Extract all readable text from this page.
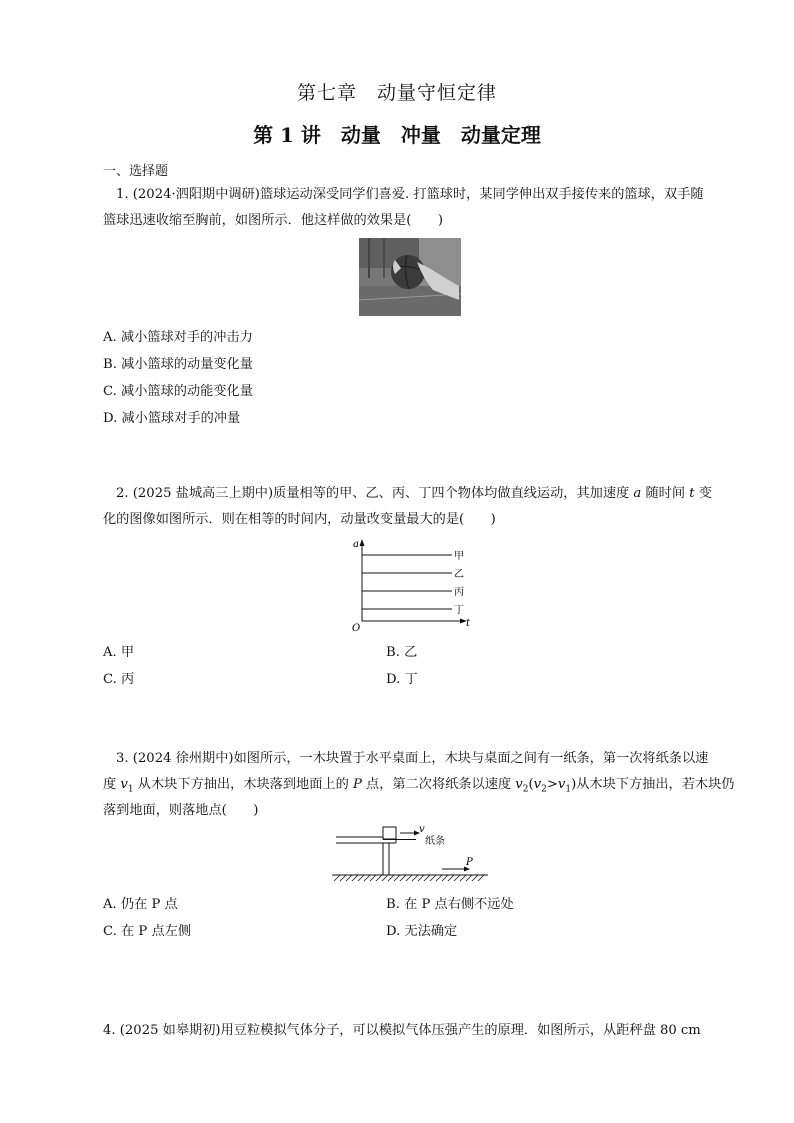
第七章　动量守恒定律
第 1 讲　动量　冲量　动量定理
一、选择题
1. (2024·泗阳期中调研)篮球运动深受同学们喜爱. 打篮球时，某同学伸出双手接传来的篮球，双手随
篮球迅速收缩至胸前，如图所示．他这样做的效果是(　　)
A. 减小篮球对手的冲击力
B. 减小篮球的动量变化量
C. 减小篮球的动能变化量
D. 减小篮球对手的冲量
2. (2025 盐城高三上期中)质量相等的甲、乙、丙、丁四个物体均做直线运动，其加速度 a 随时间 t 变
化的图像如图所示．则在相等的时间内，动量改变量最大的是(　　)
a
t
O
甲
乙
丙
丁
A. 甲	B. 乙
C. 丙	D. 丁
3. (2024 徐州期中)如图所示，一木块置于水平桌面上，木块与桌面之间有一纸条，第一次将纸条以速
度 $v_1$ 从木块下方抽出，木块落到地面上的 P 点，第二次将纸条以速度 $v_2(v_2>v_1)$从木块下方抽出，若木块仍
落到地面，则落地点(　　)
v
纸条
P
A. 仍在 P 点	B. 在 P 点右侧不远处
C. 在 P 点左侧	D. 无法确定
4. (2025 如皋期初)用豆粒模拟气体分子，可以模拟气体压强产生的原理．如图所示，从距秤盘 80 cm
